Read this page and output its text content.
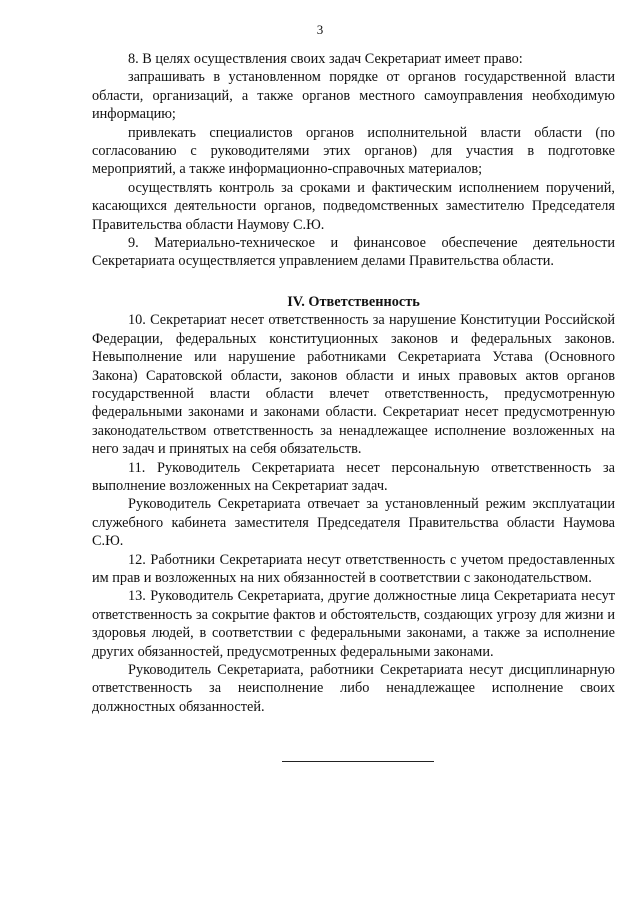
3

8. В целях осуществления своих задач Секретариат имеет право:

запрашивать в установленном порядке от органов государственной власти области, организаций, а также органов местного самоуправления необходимую информацию;

привлекать специалистов органов исполнительной власти области (по согласованию с руководителями этих органов) для участия в подготовке мероприятий, а также информационно-справочных материалов;

осуществлять контроль за сроками и фактическим исполнением поручений, касающихся деятельности органов, подведомственных заместителю Председателя Правительства области Наумову С.Ю.

9. Материально-техническое и финансовое обеспечение деятельности Секретариата осуществляется управлением делами Правительства области.

IV. Ответственность

10. Секретариат несет ответственность за нарушение Конституции Российской Федерации, федеральных конституционных законов и федеральных законов. Невыполнение или нарушение работниками Секретариата Устава (Основного Закона) Саратовской области, законов области и иных правовых актов органов государственной власти области влечет ответственность, предусмотренную федеральными законами и законами области. Секретариат несет предусмотренную законодательством ответственность за ненадлежащее исполнение возложенных на него задач и принятых на себя обязательств.

11. Руководитель Секретариата несет персональную ответственность за выполнение возложенных на Секретариат задач.

Руководитель Секретариата отвечает за установленный режим эксплуатации служебного кабинета заместителя Председателя Правительства области Наумова С.Ю.

12. Работники Секретариата несут ответственность с учетом предоставленных им прав и возложенных на них обязанностей в соответствии с законодательством.

13. Руководитель Секретариата, другие должностные лица Секретариата несут ответственность за сокрытие фактов и обстоятельств, создающих угрозу для жизни и здоровья людей, в соответствии с федеральными законами, а также за исполнение других обязанностей, предусмотренных федеральными законами.

Руководитель Секретариата, работники Секретариата несут дисциплинарную ответственность за неисполнение либо ненадлежащее исполнение своих должностных обязанностей.
